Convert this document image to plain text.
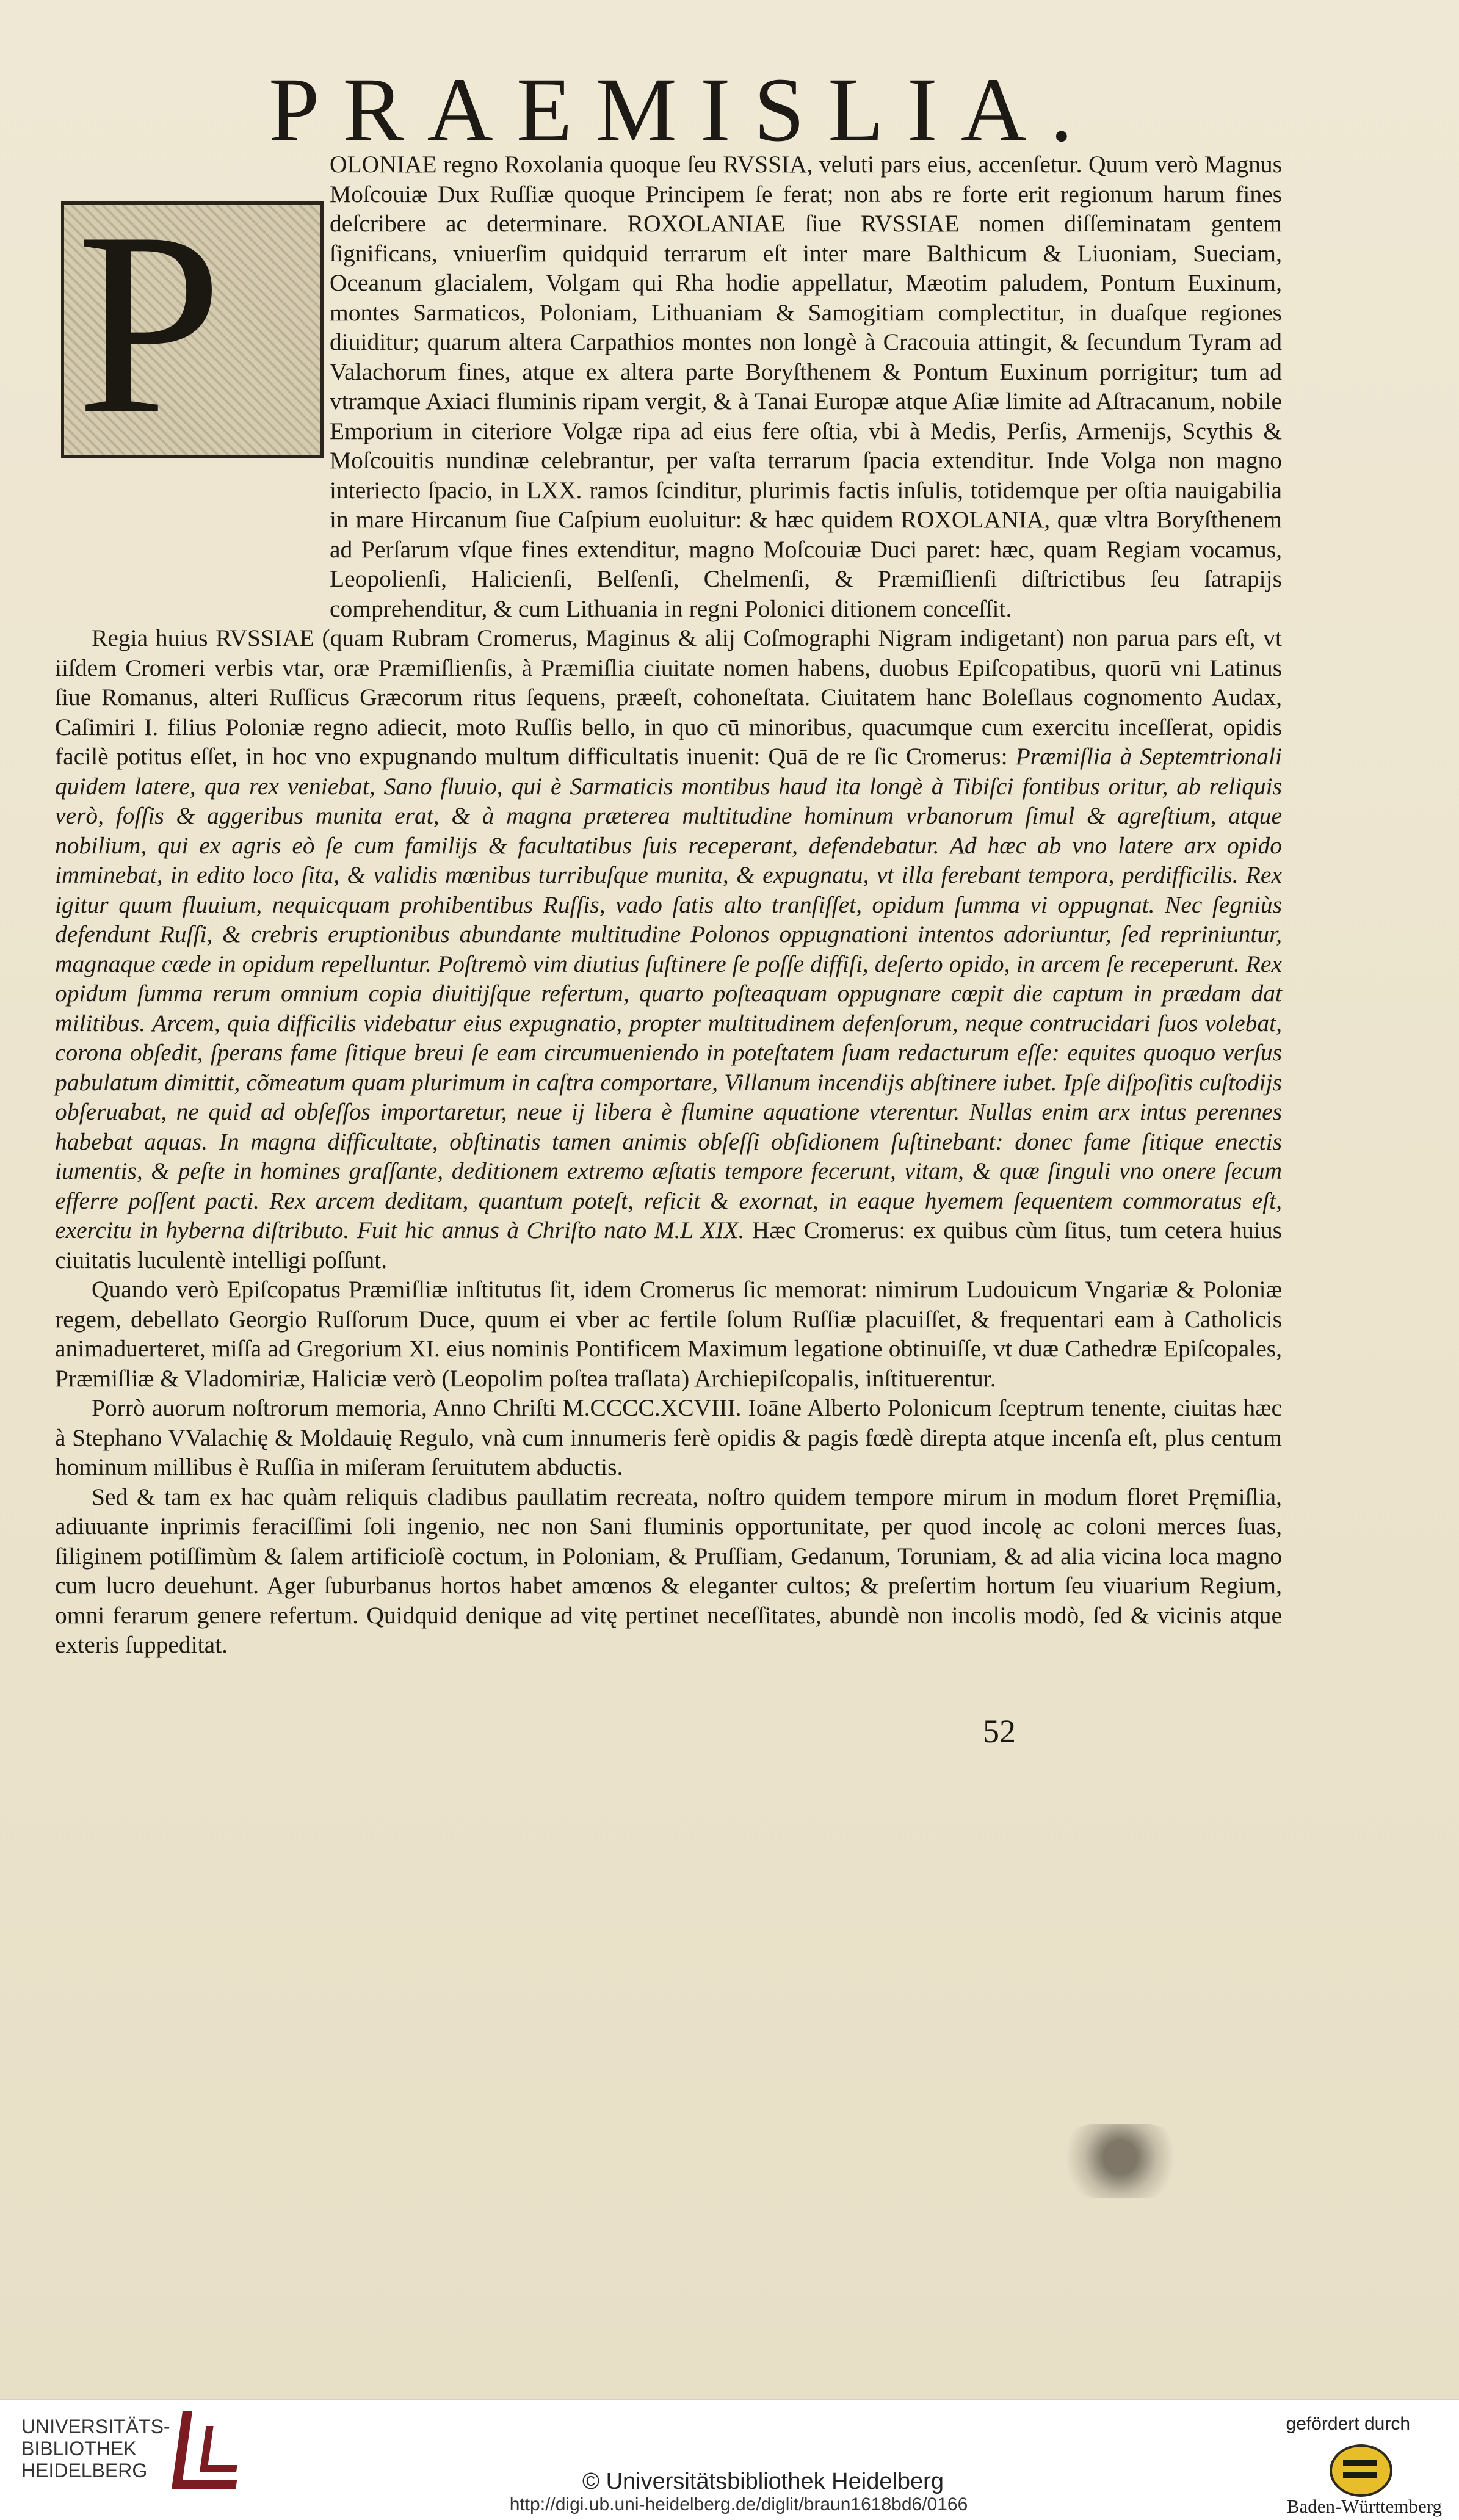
PRAEMISLIA.
P

OLONIAE regno Roxolania quoque ſeu RVSSIA, veluti pars eius, accenſetur. Quum verò Magnus Moſcouiæ Dux Ruſſiæ quoque Principem ſe ferat; non abs re forte erit regionum harum fines deſcribere ac determinare. ROXOLANIAE ſiue RVSSIAE nomen diſſeminatam gentem ſignificans, vniuerſim quidquid terrarum eſt inter mare Balthicum & Liuoniam, Sueciam, Oceanum glacialem, Volgam qui Rha hodie appellatur, Mæotim paludem, Pontum Euxinum, montes Sarmaticos, Poloniam, Lithuaniam & Samogitiam complectitur, in duaſque regiones diuiditur; quarum altera Carpathios montes non longè à Cracouia attingit, & ſecundum Tyram ad Valachorum fines, atque ex altera parte Boryſthenem & Pontum Euxinum porrigitur; tum ad vtramque Axiaci fluminis ripam vergit, & à Tanai Europæ atque Aſiæ limite ad Aſtracanum, nobile Emporium in citeriore Volgæ ripa ad eius fere oſtia, vbi à Medis, Perſis, Armenijs, Scythis & Moſcouitis nundinæ celebrantur, per vaſta terrarum ſpacia extenditur. Inde Volga non magno interiecto ſpacio, in LXX. ramos ſcinditur, plurimis factis inſulis, totidemque per oſtia nauigabilia in mare Hircanum ſiue Caſpium euoluitur: & hæc quidem ROXOLANIA, quæ vltra Boryſthenem ad Perſarum vſque fines extenditur, magno Moſcouiæ Duci paret: hæc, quam Regiam vocamus, Leopolienſi, Halicienſi, Belſenſi, Chelmenſi, & Præmiſlienſi diſtrictibus ſeu ſatrapijs comprehenditur, & cum Lithuania in regni Polonici ditionem conceſſit.

Regia huius RVSSIAE (quam Rubram Cromerus, Maginus & alij Coſmographi Nigram indigetant) non parua pars eſt, vt iiſdem Cromeri verbis vtar, oræ Præmiſlienſis, à Præmiſlia ciuitate nomen habens, duobus Epiſcopatibus, quorū vni Latinus ſiue Romanus, alteri Ruſſicus Græcorum ritus ſequens, præeſt, cohoneſtata. Ciuitatem hanc Boleſlaus cognomento Audax, Caſimiri I. filius Poloniæ regno adiecit, moto Ruſſis bello, in quo cū minoribus, quacumque cum exercitu inceſſerat, opidis facilè potitus eſſet, in hoc vno expugnando multum difficultatis inuenit: Quā de re ſic Cromerus: Præmiſlia à Septemtrionali quidem latere, qua rex veniebat, Sano fluuio, qui è Sarmaticis montibus haud ita longè à Tibiſci fontibus oritur, ab reliquis verò, foſſis & aggeribus munita erat, & à magna præterea multitudine hominum vrbanorum ſimul & agreſtium, atque nobilium, qui ex agris eò ſe cum familijs & facultatibus ſuis receperant, defendebatur. Ad hæc ab vno latere arx opido imminebat, in edito loco ſita, & validis mœnibus turribuſque munita, & expugnatu, vt illa ferebant tempora, perdifficilis. Rex igitur quum fluuium, nequicquam prohibentibus Ruſſis, vado ſatis alto tranſiſſet, opidum ſumma vi oppugnat. Nec ſegniùs defendunt Ruſſi, & crebris eruptionibus abundante multitudine Polonos oppugnationi intentos adoriuntur, ſed repriniuntur, magnaque cæde in opidum repelluntur. Poſtremò vim diutius ſuſtinere ſe poſſe diffiſi, deſerto opido, in arcem ſe receperunt. Rex opidum ſumma rerum omnium copia diuitijſque refertum, quarto poſteaquam oppugnare cœpit die captum in prædam dat militibus. Arcem, quia difficilis videbatur eius expugnatio, propter multitudinem defenſorum, neque contrucidari ſuos volebat, corona obſedit, ſperans fame ſitique breui ſe eam circumueniendo in poteſtatem ſuam redacturum eſſe: equites quoquo verſus pabulatum dimittit, cõmeatum quam plurimum in caſtra comportare, Villanum incendijs abſtinere iubet. Ipſe diſpoſitis cuſtodijs obſeruabat, ne quid ad obſeſſos importaretur, neue ij libera è flumine aquatione vterentur. Nullas enim arx intus perennes habebat aquas. In magna difficultate, obſtinatis tamen animis obſeſſi obſidionem ſuſtinebant: donec fame ſitique enectis iumentis, & peſte in homines graſſante, deditionem extremo æſtatis tempore fecerunt, vitam, & quæ ſinguli vno onere ſecum efferre poſſent pacti. Rex arcem deditam, quantum poteſt, reficit & exornat, in eaque hyemem ſequentem commoratus eſt, exercitu in hyberna diſtributo. Fuit hic annus à Chriſto nato M.L XIX. Hæc Cromerus: ex quibus cùm ſitus, tum cetera huius ciuitatis luculentè intelligi poſſunt.

Quando verò Epiſcopatus Præmiſliæ inſtitutus ſit, idem Cromerus ſic memorat: nimirum Ludouicum Vngariæ & Poloniæ regem, debellato Georgio Ruſſorum Duce, quum ei vber ac fertile ſolum Ruſſiæ placuiſſet, & frequentari eam à Catholicis animaduerteret, miſſa ad Gregorium XI. eius nominis Pontificem Maximum legatione obtinuiſſe, vt duæ Cathedræ Epiſcopales, Præmiſliæ & Vladomiriæ, Haliciæ verò (Leopolim poſtea traſlata) Archiepiſcopalis, inſtituerentur.

Porrò auorum noſtrorum memoria, Anno Chriſti M.CCCC.XCVIII. Ioāne Alberto Polonicum ſceptrum tenente, ciuitas hæc à Stephano VValachię & Moldauię Regulo, vnà cum innumeris ferè opidis & pagis fœdè direpta atque incenſa eſt, plus centum hominum millibus è Ruſſia in miſeram ſeruitutem abductis.

Sed & tam ex hac quàm reliquis cladibus paullatim recreata, noſtro quidem tempore mirum in modum floret Pręmiſlia, adiuuante inprimis feraciſſimi ſoli ingenio, nec non Sani fluminis opportunitate, per quod incolę ac coloni merces ſuas, ſiliginem potiſſimùm & ſalem artificioſè coctum, in Poloniam, & Pruſſiam, Gedanum, Toruniam, & ad alia vicina loca magno cum lucro deuehunt. Ager ſuburbanus hortos habet amœnos & eleganter cultos; & preſertim hortum ſeu viuarium Regium, omni ferarum genere refertum. Quidquid denique ad vitę pertinet neceſſitates, abundè non incolis modò, ſed & vicinis atque exteris ſuppeditat.

52
UNIVERSITÄTS-
BIBLIOTHEK
HEIDELBERG	© Universitätsbibliothek Heidelberg
http://digi.ub.uni-heidelberg.de/diglit/braun1618bd6/0166
gefördert durch
Baden-Württemberg
